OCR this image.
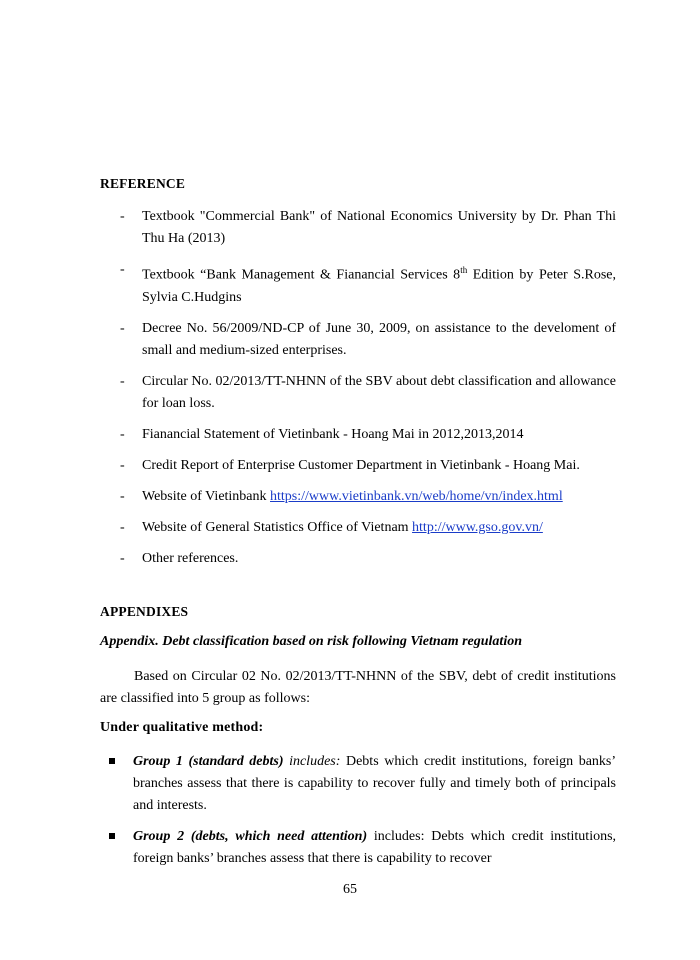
REFERENCE
- Textbook "Commercial Bank" of National Economics University by Dr. Phan Thi Thu Ha (2013)
- Textbook “Bank Management & Fianancial Services 8th Edition by Peter S.Rose, Sylvia C.Hudgins
- Decree No. 56/2009/ND-CP of June 30, 2009, on assistance to the develoment of small and medium-sized enterprises.
- Circular No. 02/2013/TT-NHNN of the SBV about debt classification and allowance for loan loss.
- Fianancial Statement of Vietinbank - Hoang Mai in 2012,2013,2014
- Credit Report of Enterprise Customer Department in Vietinbank - Hoang Mai.
- Website of Vietinbank https://www.vietinbank.vn/web/home/vn/index.html
- Website of General Statistics Office of Vietnam http://www.gso.gov.vn/
- Other references.
APPENDIXES
Appendix. Debt classification based on risk following Vietnam regulation
Based on Circular 02 No. 02/2013/TT-NHNN of the SBV, debt of credit institutions are classified into 5 group as follows:
Under qualitative method:
Group 1 (standard debts) includes: Debts which credit institutions, foreign banks’ branches assess that there is capability to recover fully and timely both of principals and interests.
Group 2 (debts, which need attention) includes: Debts which credit institutions, foreign banks’ branches assess that there is capability to recover
65
